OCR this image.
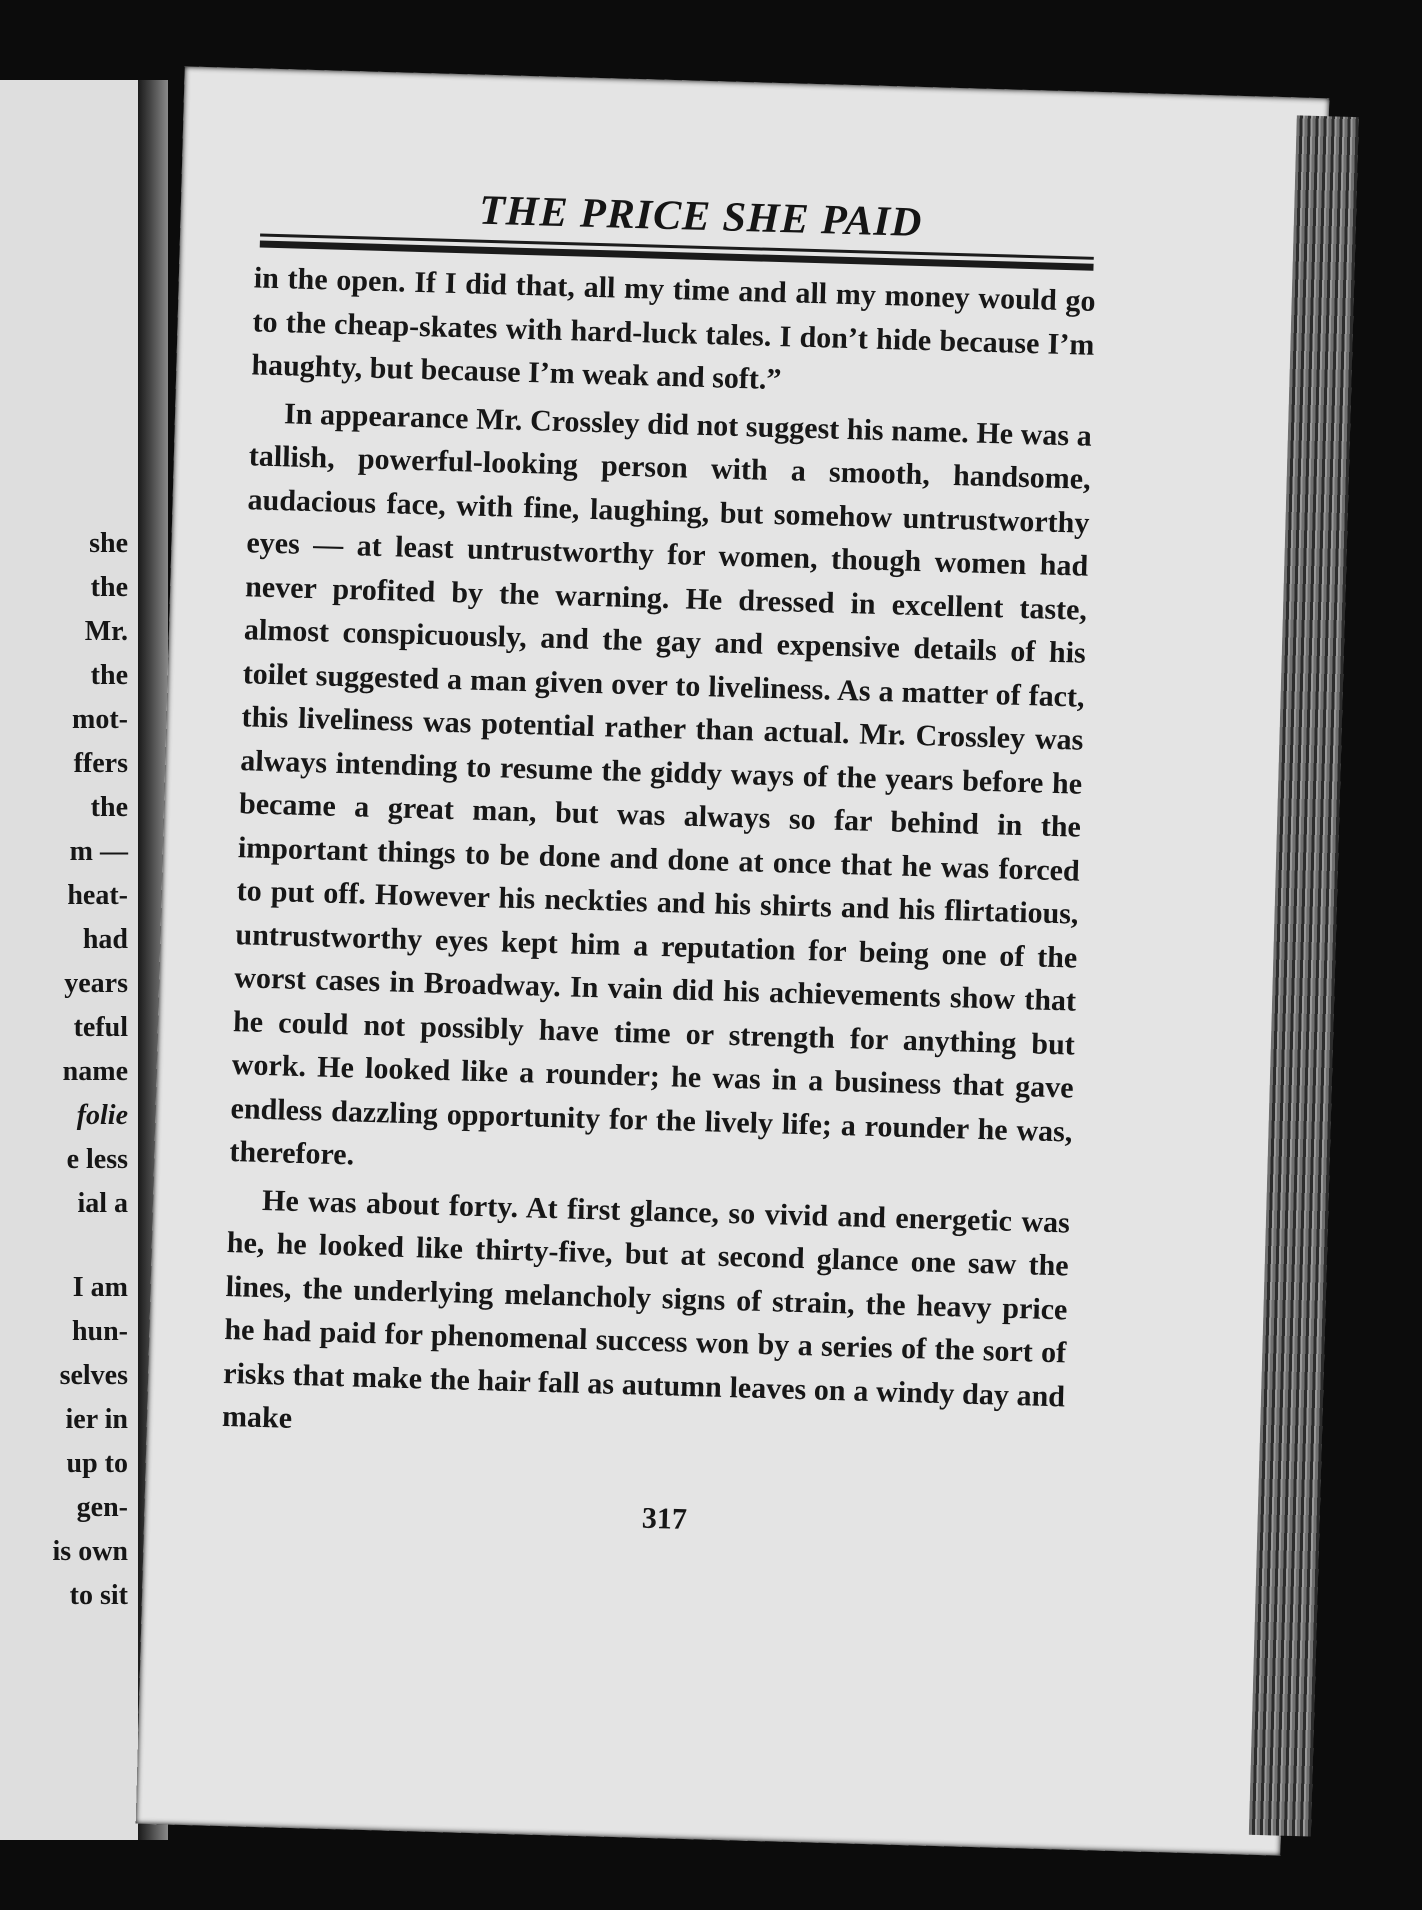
she
the
Mr.
the
mot-
ffers
the
m —
heat-
had
years
teful
name
folie
e less
ial a
I am
hun-
selves
ier in
up to
gen-
is own
to sit
THE PRICE SHE PAID

in the open. If I did that, all my time and all my money would go to the cheap-skates with hard-luck tales. I don’t hide because I’m haughty, but because I’m weak and soft.”

In appearance Mr. Crossley did not suggest his name. He was a tallish, powerful-looking person with a smooth, handsome, audacious face, with fine, laughing, but somehow untrustworthy eyes — at least untrustworthy for women, though women had never profited by the warning. He dressed in excellent taste, almost conspicuously, and the gay and expensive details of his toilet suggested a man given over to liveliness. As a matter of fact, this liveliness was potential rather than actual. Mr. Crossley was always intending to resume the giddy ways of the years before he became a great man, but was always so far behind in the important things to be done and done at once that he was forced to put off. However his neckties and his shirts and his flirtatious, untrustworthy eyes kept him a reputation for being one of the worst cases in Broadway. In vain did his achievements show that he could not possibly have time or strength for anything but work. He looked like a rounder; he was in a business that gave endless dazzling opportunity for the lively life; a rounder he was, therefore.

He was about forty. At first glance, so vivid and energetic was he, he looked like thirty-five, but at second glance one saw the lines, the underlying melancholy signs of strain, the heavy price he had paid for phenomenal success won by a series of the sort of risks that make the hair fall as autumn leaves on a windy day and make

317
